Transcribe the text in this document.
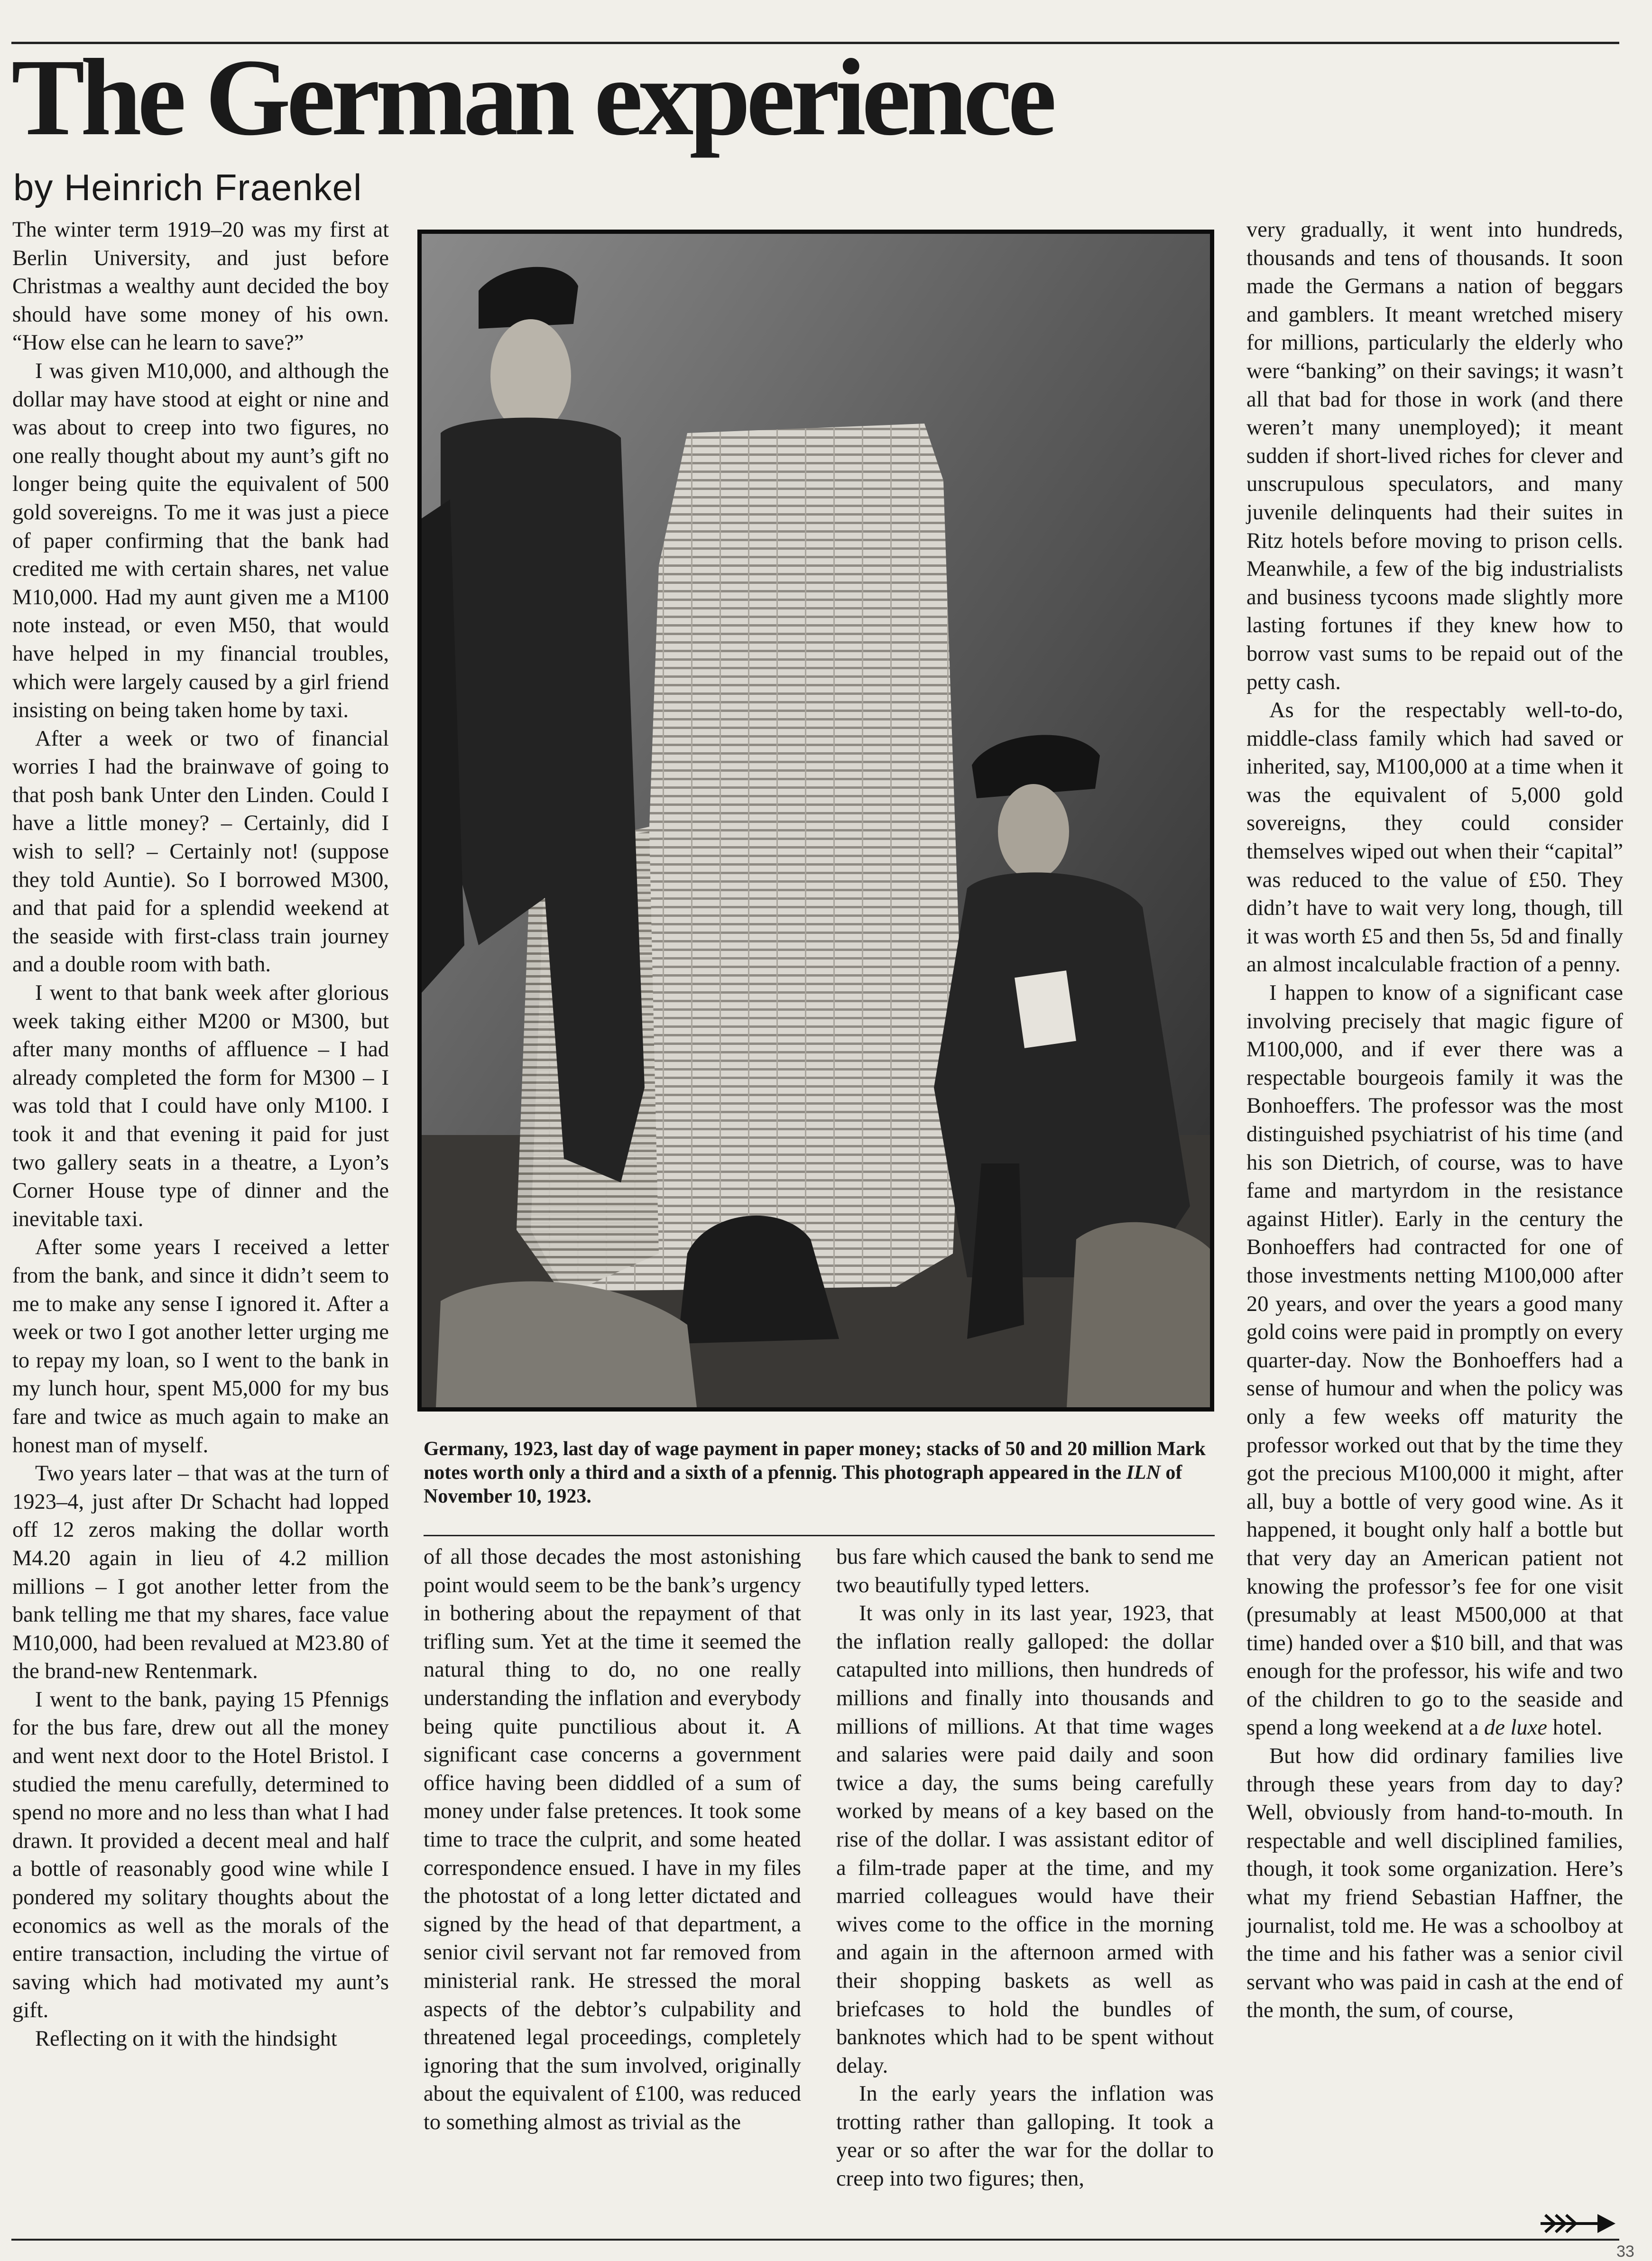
The German experience

by Heinrich Fraenkel

The winter term 1919–20 was my first at Berlin University, and just before Christmas a wealthy aunt decided the boy should have some money of his own. “How else can he learn to save?”

I was given M10,000, and although the dollar may have stood at eight or nine and was about to creep into two figures, no one really thought about my aunt’s gift no longer being quite the equivalent of 500 gold sovereigns. To me it was just a piece of paper confirming that the bank had credited me with certain shares, net value M10,000. Had my aunt given me a M100 note instead, or even M50, that would have helped in my financial troubles, which were largely caused by a girl friend insisting on being taken home by taxi.

After a week or two of financial worries I had the brainwave of going to that posh bank Unter den Linden. Could I have a little money? – Certainly, did I wish to sell? – Certainly not! (suppose they told Auntie). So I borrowed M300, and that paid for a splendid weekend at the seaside with first-class train journey and a double room with bath.

I went to that bank week after glorious week taking either M200 or M300, but after many months of affluence – I had already completed the form for M300 – I was told that I could have only M100. I took it and that evening it paid for just two gallery seats in a theatre, a Lyon’s Corner House type of dinner and the inevitable taxi.

After some years I received a letter from the bank, and since it didn’t seem to me to make any sense I ignored it. After a week or two I got another letter urging me to repay my loan, so I went to the bank in my lunch hour, spent M5,000 for my bus fare and twice as much again to make an honest man of myself.

Two years later – that was at the turn of 1923–4, just after Dr Schacht had lopped off 12 zeros making the dollar worth M4.20 again in lieu of 4.2 million millions – I got another letter from the bank telling me that my shares, face value M10,000, had been revalued at M23.80 of the brand-new Rentenmark.

I went to the bank, paying 15 Pfennigs for the bus fare, drew out all the money and went next door to the Hotel Bristol. I studied the menu carefully, determined to spend no more and no less than what I had drawn. It provided a decent meal and half a bottle of reasonably good wine while I pondered my solitary thoughts about the economics as well as the morals of the entire transaction, including the virtue of saving which had motivated my aunt’s gift.

Reflecting on it with the hindsight

Germany, 1923, last day of wage payment in paper money; stacks of 50 and 20 million Mark notes worth only a third and a sixth of a pfennig. This photograph appeared in the ILN of November 10, 1923.

of all those decades the most astonishing point would seem to be the bank’s urgency in bothering about the repayment of that trifling sum. Yet at the time it seemed the natural thing to do, no one really understanding the inflation and everybody being quite punctilious about it. A significant case concerns a government office having been diddled of a sum of money under false pretences. It took some time to trace the culprit, and some heated correspondence ensued. I have in my files the photostat of a long letter dictated and signed by the head of that department, a senior civil servant not far removed from ministerial rank. He stressed the moral aspects of the debtor’s culpability and threatened legal proceedings, completely ignoring that the sum involved, originally about the equivalent of £100, was reduced to something almost as trivial as the

bus fare which caused the bank to send me two beautifully typed letters.

It was only in its last year, 1923, that the inflation really galloped: the dollar catapulted into millions, then hundreds of millions and finally into thousands and millions of millions. At that time wages and salaries were paid daily and soon twice a day, the sums being carefully worked by means of a key based on the rise of the dollar. I was assistant editor of a film-trade paper at the time, and my married colleagues would have their wives come to the office in the morning and again in the afternoon armed with their shopping baskets as well as briefcases to hold the bundles of banknotes which had to be spent without delay.

In the early years the inflation was trotting rather than galloping. It took a year or so after the war for the dollar to creep into two figures; then,

very gradually, it went into hundreds, thousands and tens of thousands. It soon made the Germans a nation of beggars and gamblers. It meant wretched misery for millions, particularly the elderly who were “banking” on their savings; it wasn’t all that bad for those in work (and there weren’t many unemployed); it meant sudden if short-lived riches for clever and unscrupulous speculators, and many juvenile delinquents had their suites in Ritz hotels before moving to prison cells. Meanwhile, a few of the big industrialists and business tycoons made slightly more lasting fortunes if they knew how to borrow vast sums to be repaid out of the petty cash.

As for the respectably well-to-do, middle-class family which had saved or inherited, say, M100,000 at a time when it was the equivalent of 5,000 gold sovereigns, they could consider themselves wiped out when their “capital” was reduced to the value of £50. They didn’t have to wait very long, though, till it was worth £5 and then 5s, 5d and finally an almost incalculable fraction of a penny.

I happen to know of a significant case involving precisely that magic figure of M100,000, and if ever there was a respectable bourgeois family it was the Bonhoeffers. The professor was the most distinguished psychiatrist of his time (and his son Dietrich, of course, was to have fame and martyrdom in the resistance against Hitler). Early in the century the Bonhoeffers had contracted for one of those investments netting M100,000 after 20 years, and over the years a good many gold coins were paid in promptly on every quarter-day. Now the Bonhoeffers had a sense of humour and when the policy was only a few weeks off maturity the professor worked out that by the time they got the precious M100,000 it might, after all, buy a bottle of very good wine. As it happened, it bought only half a bottle but that very day an American patient not knowing the professor’s fee for one visit (presumably at least M500,000 at that time) handed over a $10 bill, and that was enough for the professor, his wife and two of the children to go to the seaside and spend a long weekend at a de luxe hotel.

But how did ordinary families live through these years from day to day? Well, obviously from hand-to-mouth. In respectable and well disciplined families, though, it took some organization. Here’s what my friend Sebastian Haffner, the journalist, told me. He was a schoolboy at the time and his father was a senior civil servant who was paid in cash at the end of the month, the sum, of course,

33
